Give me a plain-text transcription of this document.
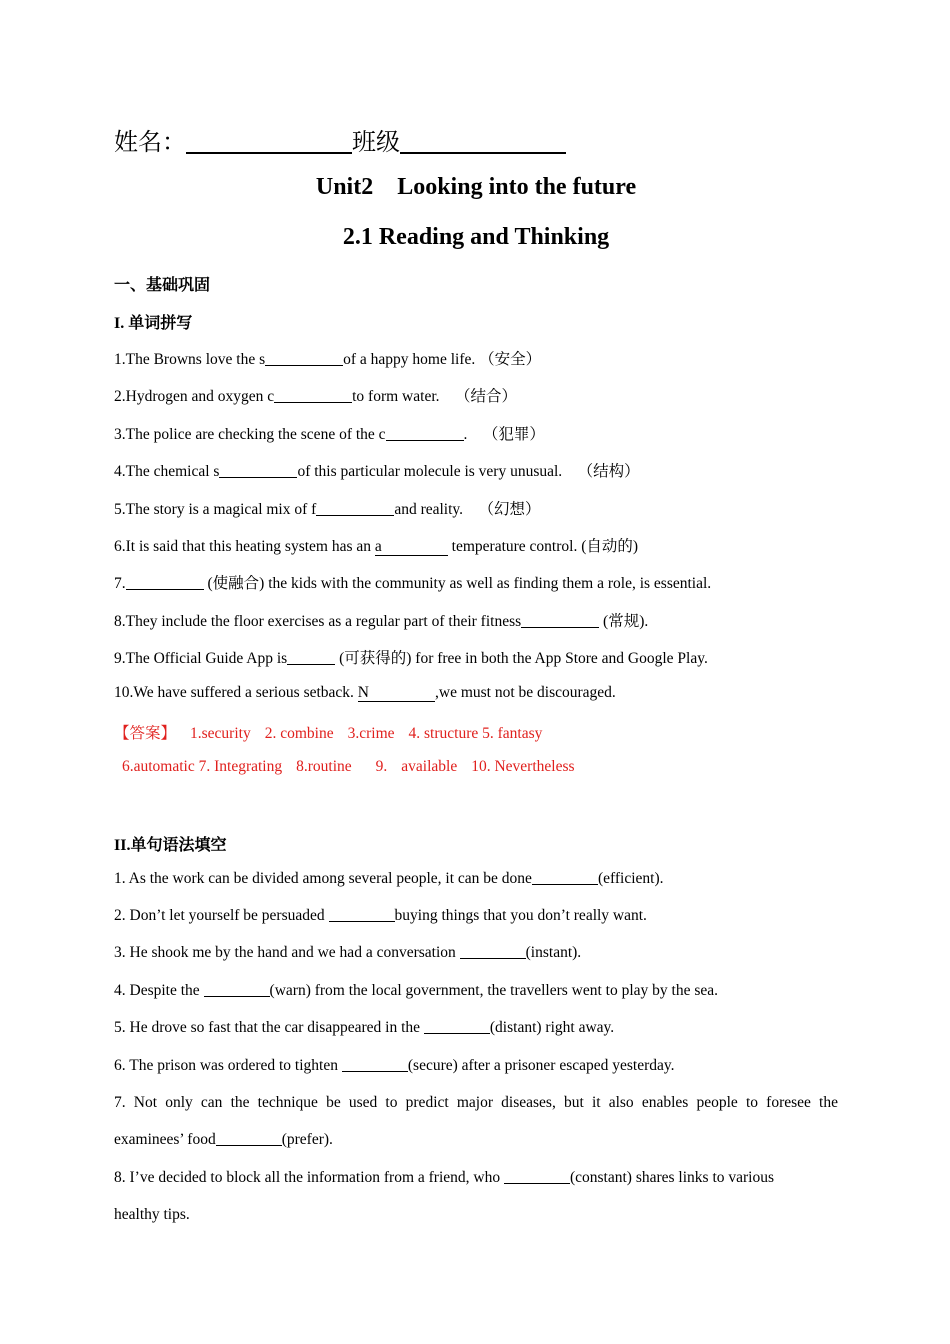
姓名：	班级
Unit2    Looking into the future
2.1 Reading and Thinking
一、基础巩固
I. 单词拼写
1.The Browns love the s	of a happy home life. （安全）
2.Hydrogen and oxygen c	to form water.    （结合）
3.The police are checking the scene of the c	.    （犯罪）
4.The chemical s	of this particular molecule is very unusual.    （结构）
5.The story is a magical mix of f	and reality.    （幻想）
6.It is said that this heating system has an a	temperature control. (自动的)
7.	(使融合) the kids with the community as well as finding them a role, is essential.
8.They include the floor exercises as a regular part of their fitness	(常规).
9.The Official Guide App is	(可获得的) for free in both the App Store and Google Play.
10.We have suffered a serious setback. N	,we must not be discouraged.
【答案】 1.security 2. combine 3.crime 4. structure 5. fantasy
6.automatic 7. Integrating 8.routine 9. available 10. Nevertheless
II.单句语法填空
1. As the work can be divided among several people, it can be done	(efficient).
2. Don’t let yourself be persuaded	buying things that you don’t really want.
3. He shook me by the hand and we had a conversation	(instant).
4. Despite the	(warn) from the local government, the travellers went to play by the sea.
5. He drove so fast that the car disappeared in the	(distant) right away.
6. The prison was ordered to tighten	(secure) after a prisoner escaped yesterday.
7. Not only can the technique be used to predict major diseases, but it also enables people to foresee the
examinees’ food	(prefer).
8. I’ve decided to block all the information from a friend, who	(constant) shares links to various
healthy tips.
